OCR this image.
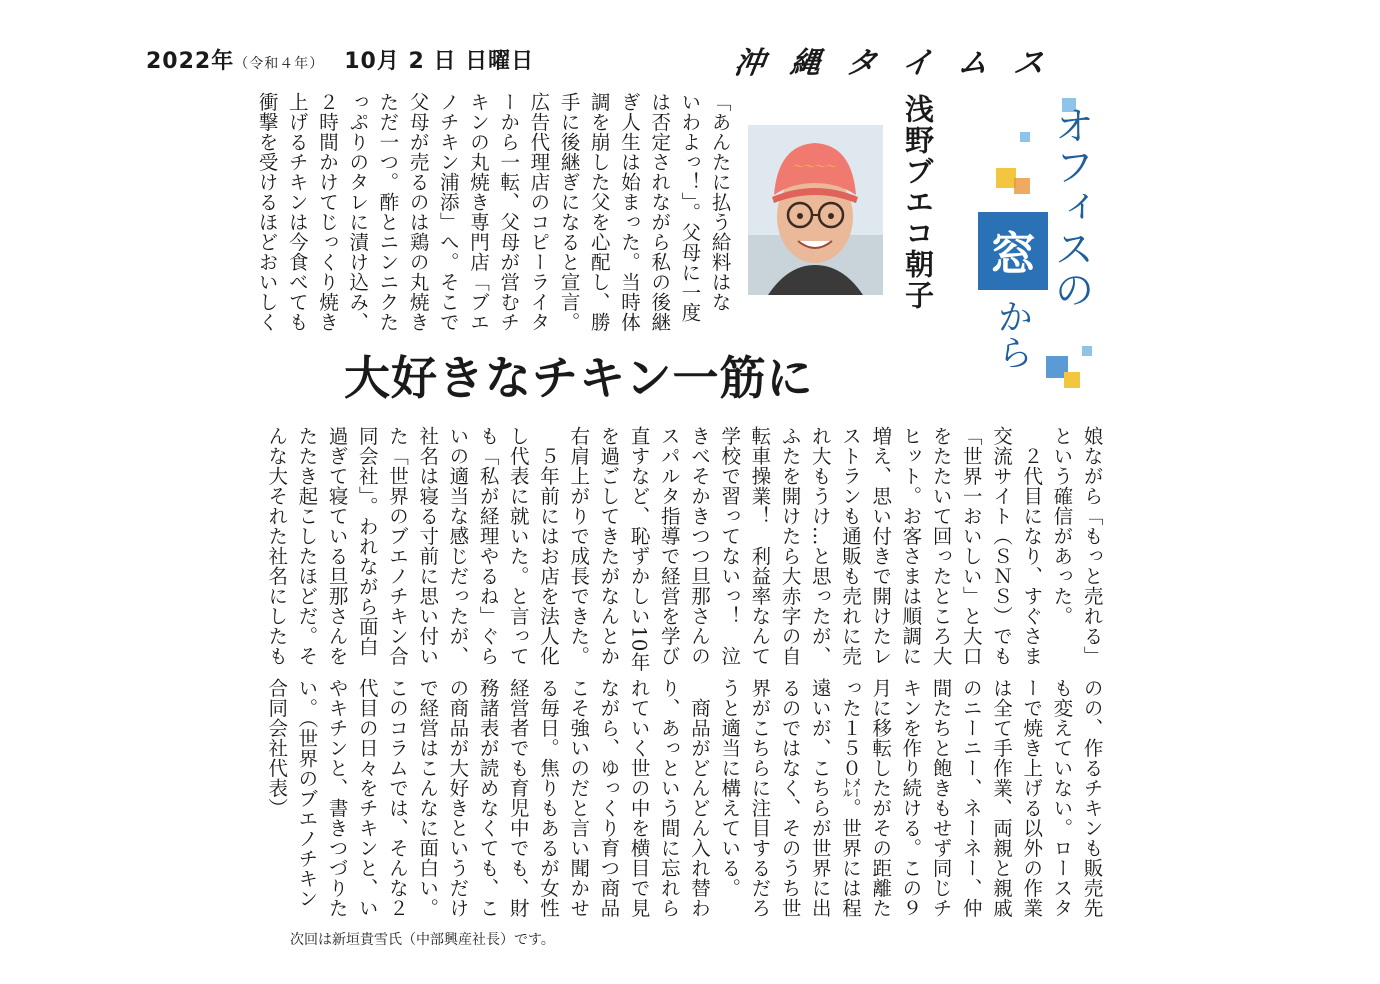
2022年（令和４年） 10月 2 日 日曜日	沖縄タイムス
オフィスの
窓
から
浅野ブエコ朝子
〜〜〜〜
「あんたに払う給料はな
いわよっ！」。父母に一度
は否定されながら私の後継
ぎ人生は始まった。当時体
調を崩した父を心配し、勝
手に後継ぎになると宣言。
広告代理店のコピーライタ
ーから一転、父母が営むチ
キンの丸焼き専門店「ブエ
ノチキン浦添」へ。そこで
父母が売るのは鶏の丸焼き
ただ一つ。酢とニンニクた
っぷりのタレに漬け込み、
２時間かけてじっくり焼き
上げるチキンは今食べても
衝撃を受けるほどおいしく
大好きなチキン一筋に
娘ながら「もっと売れる」
という確信があった。
　２代目になり、すぐさま
交流サイト（ＳＮＳ）でも
「世界一おいしい」と大口
をたたいて回ったところ大
ヒット。お客さまは順調に
増え、思い付きで開けたレ
ストランも通販も売れに売
れ大もうけ…と思ったが、
ふたを開けたら大赤字の自
転車操業！　利益率なんて
学校で習ってないっ！　泣
きべそかきつつ旦那さんの
スパルタ指導で経営を学び
直すなど、恥ずかしい10年
を過ごしてきたがなんとか
右肩上がりで成長できた。
　５年前にはお店を法人化
し代表に就いた。と言って
も「私が経理やるね」ぐら
いの適当な感じだったが、
社名は寝る寸前に思い付い
た「世界のブエノチキン合
同会社」。われながら面白
過ぎて寝ている旦那さんを
たたき起こしたほどだ。そ
んな大それた社名にしたも
のの、作るチキンも販売先
も変えていない。ロースタ
ーで焼き上げる以外の作業
は全て手作業、両親と親戚
のニーニー、ネーネー、仲
間たちと飽きもせず同じチ
キンを作り続ける。この９
月に移転したがその距離た
った１５０㍍。世界には程
遠いが、こちらが世界に出
るのではなく、そのうち世
界がこちらに注目するだろ
うと適当に構えている。
　商品がどんどん入れ替わ
り、あっという間に忘れら
れていく世の中を横目で見
ながら、ゆっくり育つ商品
こそ強いのだと言い聞かせ
る毎日。焦りもあるが女性
経営者でも育児中でも、財
務諸表が読めなくても、こ
の商品が大好きというだけ
で経営はこんなに面白い。
このコラムでは、そんな２
代目の日々をチキンと、い
やキチンと、書きつづりた
い。（世界のブエノチキン
合同会社代表）
次回は新垣貴雪氏（中部興産社長）です。
